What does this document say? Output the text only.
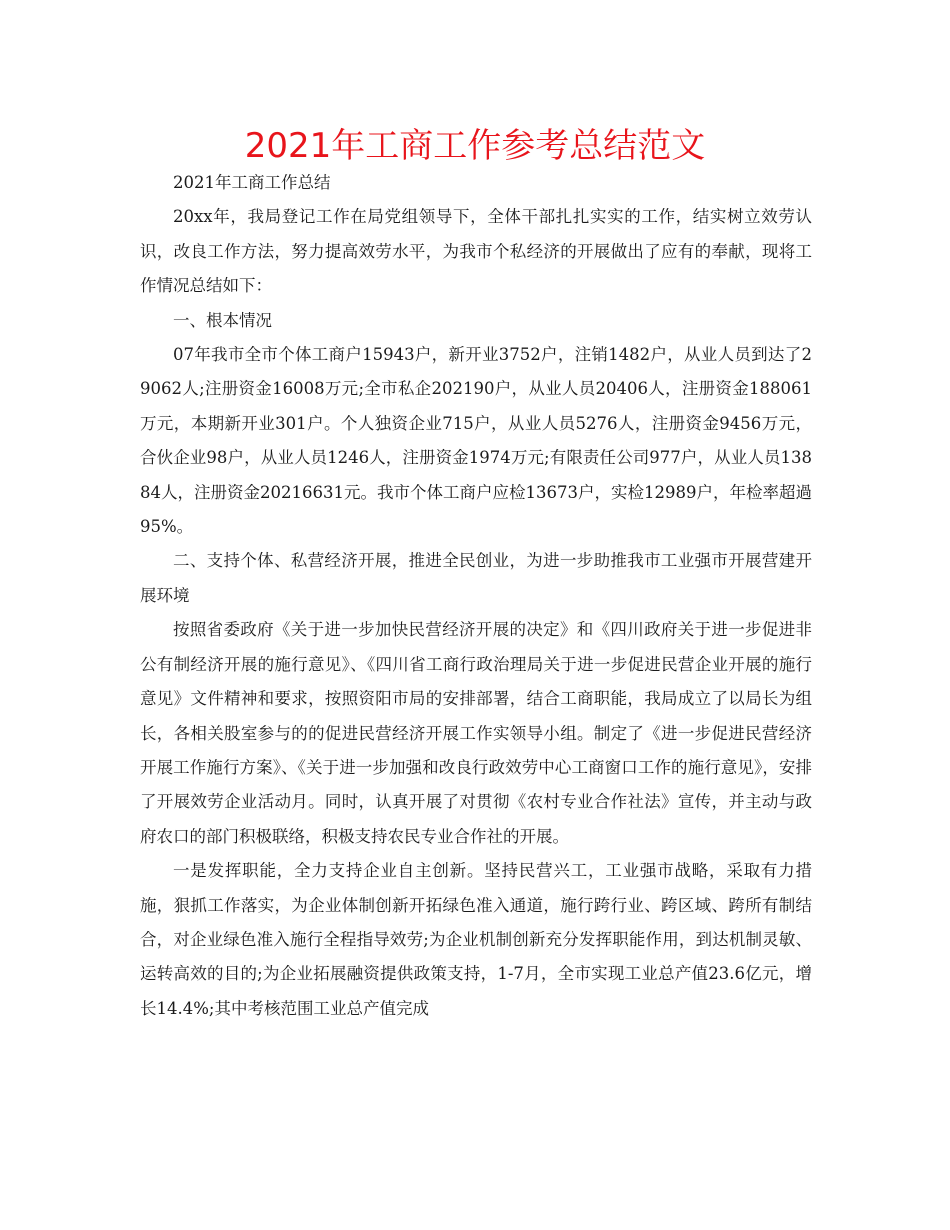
2021年工商工作参考总结范文

2021年工商工作总结

20xx年，我局登记工作在局党组领导下，全体干部扎扎实实的工作，结实树立效劳认识，改良工作方法，努力提高效劳水平，为我市个私经济的开展做出了应有的奉献，现将工作情况总结如下：

一、根本情况

07年我市全市个体工商户15943户，新开业3752户，注销1482户，从业人员到达了29062人;注册资金16008万元;全市私企202190户，从业人员20406人，注册资金188061万元，本期新开业301户。个人独资企业715户，从业人员5276人，注册资金9456万元，合伙企业98户，从业人员1246人，注册资金1974万元;有限责任公司977户，从业人员13884人，注册资金20216631元。我市个体工商户应检13673户，实检12989户，年检率超過95%。

二、支持个体、私营经济开展，推进全民创业，为进一步助推我市工业强市开展营建开展环境

按照省委政府《关于进一步加快民营经济开展的决定》和《四川政府关于进一步促进非公有制经济开展的施行意见》、《四川省工商行政治理局关于进一步促进民营企业开展的施行意见》文件精神和要求，按照资阳市局的安排部署，结合工商职能，我局成立了以局长为组长，各相关股室参与的的促进民营经济开展工作实领导小组。制定了《进一步促进民营经济开展工作施行方案》、《关于进一步加强和改良行政效劳中心工商窗口工作的施行意见》，安排了开展效劳企业活动月。同时，认真开展了对贯彻《农村专业合作社法》宣传，并主动与政府农口的部门积极联络，积极支持农民专业合作社的开展。

一是发挥职能，全力支持企业自主创新。坚持民营兴工，工业强市战略，采取有力措施，狠抓工作落实，为企业体制创新开拓绿色准入通道，施行跨行业、跨区域、跨所有制结合，对企业绿色准入施行全程指导效劳;为企业机制创新充分发挥职能作用，到达机制灵敏、运转高效的目的;为企业拓展融资提供政策支持，1-7月，全市实现工业总产值23.6亿元，增长14.4%;其中考核范围工业总产值完成
